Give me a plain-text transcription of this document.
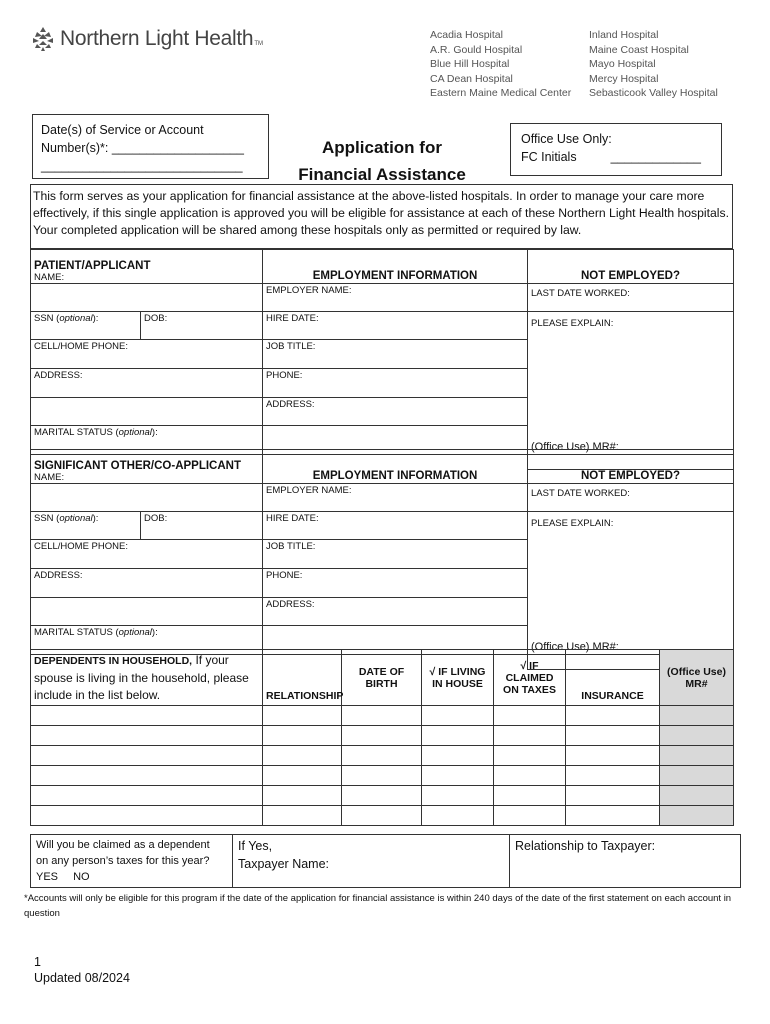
Northern Light Health TM
Acadia Hospital
A.R. Gould Hospital
Blue Hill Hospital
CA Dean Hospital
Eastern Maine Medical Center
Inland Hospital
Maine Coast Hospital
Mayo Hospital
Mercy Hospital
Sebasticook Valley Hospital
Date(s) of Service or Account
Number(s)*: ___________________
_____________________________
Application for
Financial Assistance
Office Use Only:
FC Initials	_____________
This form serves as your application for financial assistance at the above-listed hospitals. In order to manage your care more effectively, if this single application is approved you will be eligible for assistance at each of these Northern Light Health hospitals. Your completed application will be shared among these hospitals only as permitted or required by law.
PATIENT/APPLICANT
NAME:		EMPLOYMENT INFORMATION	NOT EMPLOYED?
		EMPLOYER NAME:	LAST DATE WORKED:
SSN (optional):	DOB:	HIRE DATE:	PLEASE EXPLAIN:
CELL/HOME PHONE:		JOB TITLE:	
ADDRESS:		PHONE:	
		ADDRESS:	
MARITAL STATUS (optional):			
			(Office Use) MR#:
SIGNIFICANT OTHER/CO-APPLICANT
NAME:		EMPLOYMENT INFORMATION	NOT EMPLOYED?
		EMPLOYER NAME:	LAST DATE WORKED:
SSN (optional):	DOB:	HIRE DATE:	PLEASE EXPLAIN:
CELL/HOME PHONE:		JOB TITLE:	
ADDRESS:		PHONE:	
		ADDRESS:	
MARITAL STATUS (optional):			
			(Office Use) MR#:
DEPENDENTS IN HOUSEHOLD, If your spouse is living in the household, please include in the list below.	RELATIONSHIP	DATE OF BIRTH	√ IF LIVING IN HOUSE	√ IF CLAIMED ON TAXES	INSURANCE	(Office Use) MR#

Will you be claimed as a dependent
on any person’s taxes for this year?
YES NO

If Yes,
Taxpayer Name:
	Relationship to Taxpayer:
*Accounts will only be eligible for this program if the date of the application for financial assistance is within 240 days of the date of the first statement on each account in question
1
Updated 08/2024
